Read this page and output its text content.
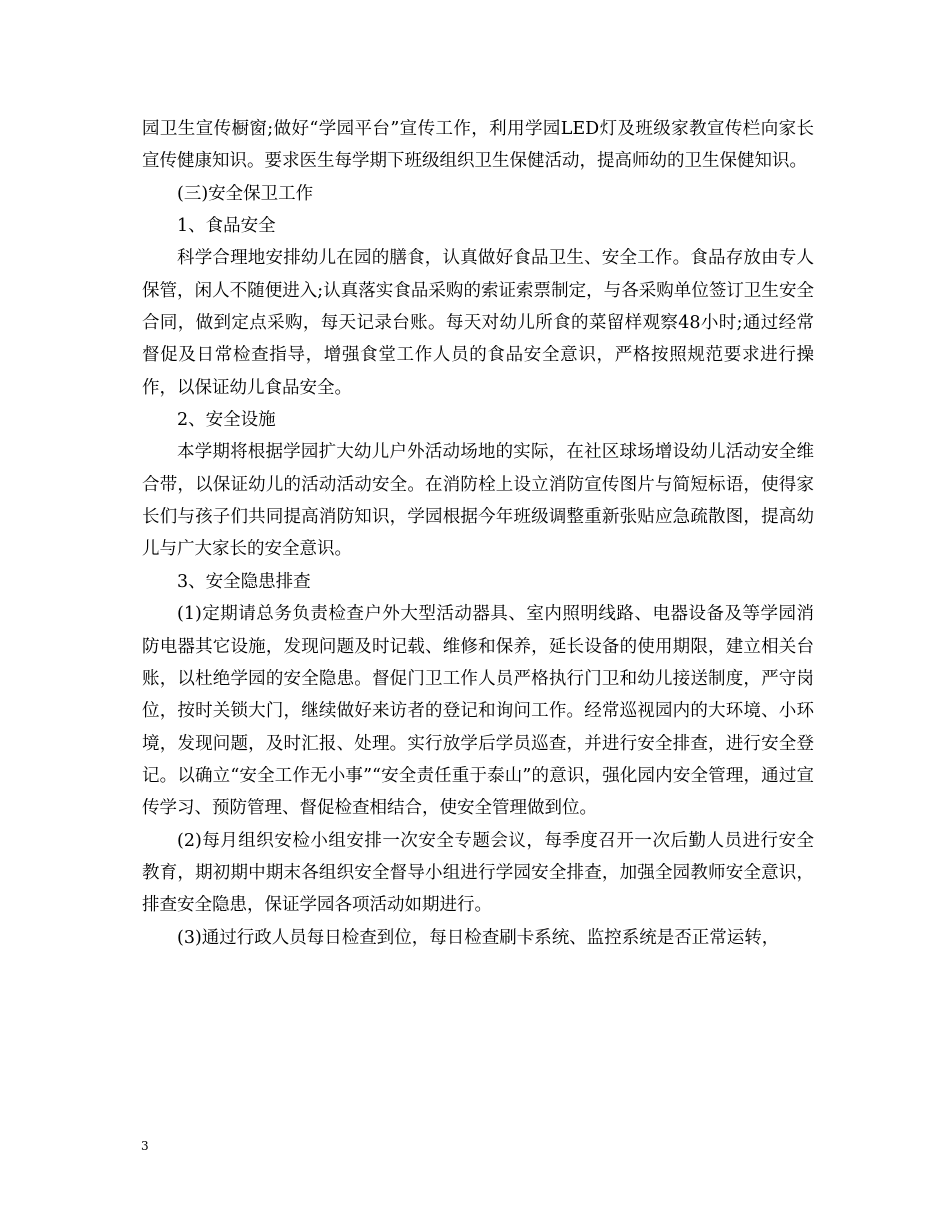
园卫生宣传橱窗;做好“学园平台”宣传工作，利用学园LED灯及班级家教宣传栏向家长宣传健康知识。要求医生每学期下班级组织卫生保健活动，提高师幼的卫生保健知识。

(三)安全保卫工作

1、食品安全

科学合理地安排幼儿在园的膳食，认真做好食品卫生、安全工作。食品存放由专人保管，闲人不随便进入;认真落实食品采购的索证索票制定，与各采购单位签订卫生安全合同，做到定点采购，每天记录台账。每天对幼儿所食的菜留样观察48小时;通过经常督促及日常检查指导，增强食堂工作人员的食品安全意识，严格按照规范要求进行操作，以保证幼儿食品安全。

2、安全设施

本学期将根据学园扩大幼儿户外活动场地的实际，在社区球场增设幼儿活动安全维合带，以保证幼儿的活动活动安全。在消防栓上设立消防宣传图片与简短标语，使得家长们与孩子们共同提高消防知识，学园根据今年班级调整重新张贴应急疏散图，提高幼儿与广大家长的安全意识。

3、安全隐患排查

(1)定期请总务负责检查户外大型活动器具、室内照明线路、电器设备及等学园消防电器其它设施，发现问题及时记载、维修和保养，延长设备的使用期限，建立相关台账，以杜绝学园的安全隐患。督促门卫工作人员严格执行门卫和幼儿接送制度，严守岗位，按时关锁大门，继续做好来访者的登记和询问工作。经常巡视园内的大环境、小环境，发现问题，及时汇报、处理。实行放学后学员巡查，并进行安全排查，进行安全登记。以确立“安全工作无小事”“安全责任重于泰山”的意识，强化园内安全管理，通过宣传学习、预防管理、督促检查相结合，使安全管理做到位。

(2)每月组织安检小组安排一次安全专题会议，每季度召开一次后勤人员进行安全教育，期初期中期末各组织安全督导小组进行学园安全排查，加强全园教师安全意识，排查安全隐患，保证学园各项活动如期进行。

(3)通过行政人员每日检查到位，每日检查刷卡系统、监控系统是否正常运转，

3
